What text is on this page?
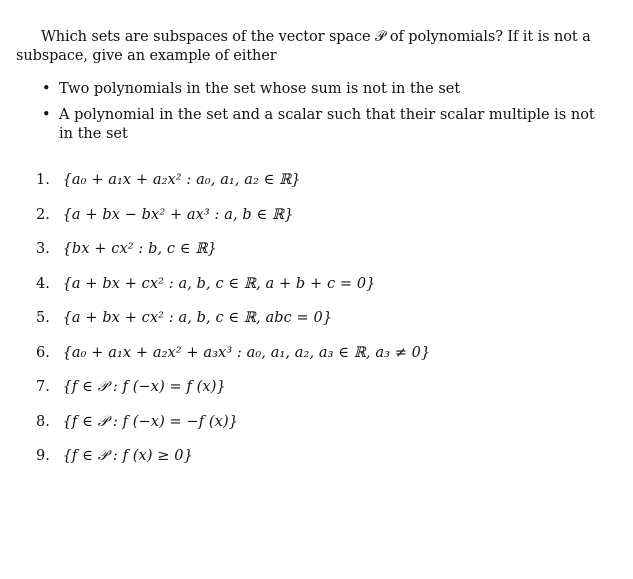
Which sets are subspaces of the vector space 𝒫 of polynomials? If it is not a subspace, give an example of either
• Two polynomials in the set whose sum is not in the set
• A polynomial in the set and a scalar such that their scalar multiple is not in the set
1. {a₀ + a₁x + a₂x² : a₀, a₁, a₂ ∈ ℝ}
2. {a + bx − bx² + ax³ : a, b ∈ ℝ}
3. {bx + cx² : b, c ∈ ℝ}
4. {a + bx + cx² : a, b, c ∈ ℝ, a + b + c = 0}
5. {a + bx + cx² : a, b, c ∈ ℝ, abc = 0}
6. {a₀ + a₁x + a₂x² + a₃x³ : a₀, a₁, a₂, a₃ ∈ ℝ, a₃ ≠ 0}
7. {f ∈ 𝒫 : f (−x) = f (x)}
8. {f ∈ 𝒫 : f (−x) = −f (x)}
9. {f ∈ 𝒫 : f (x) ≥ 0}
